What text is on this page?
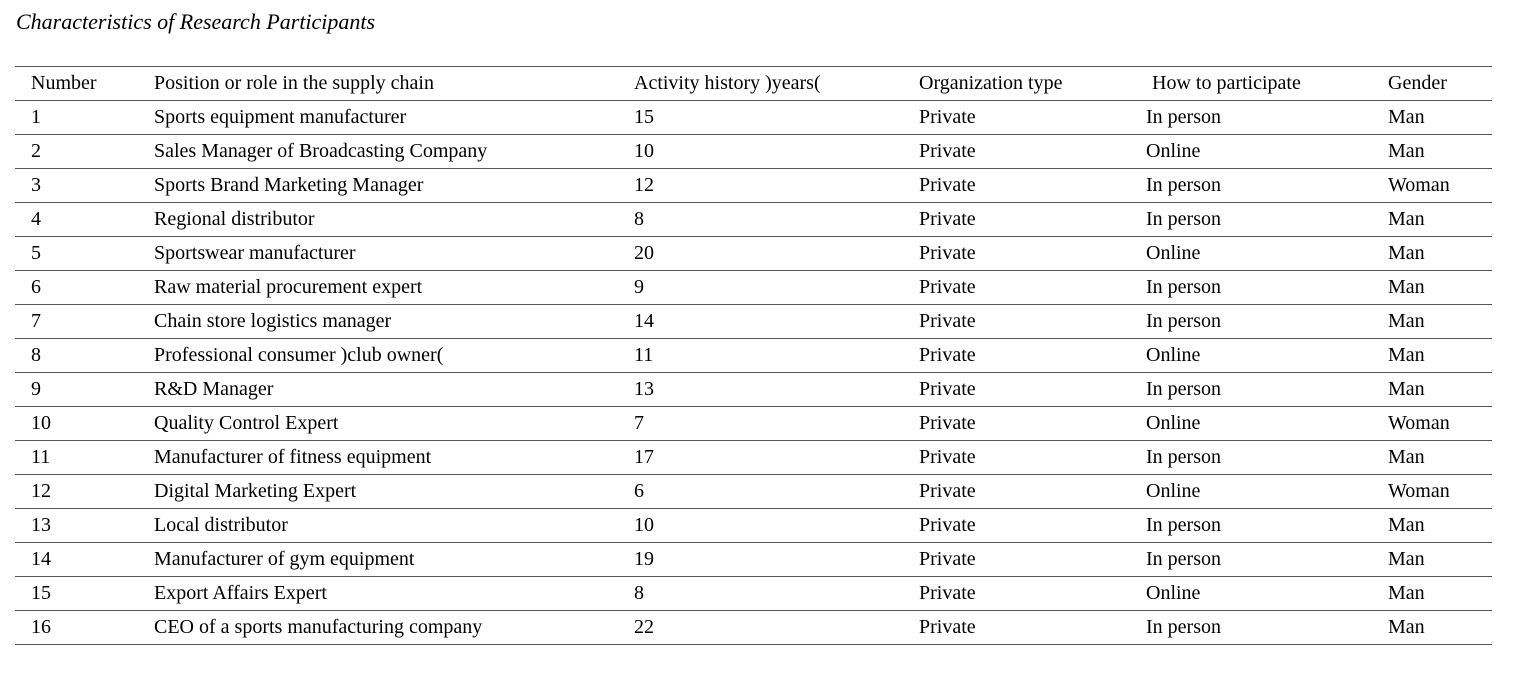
Characteristics of Research Participants
Number	Position or role in the supply chain	Activity history )years(	Organization type	How to participate	Gender
1	Sports equipment manufacturer	15	Private	In person	Man
2	Sales Manager of Broadcasting Company	10	Private	Online	Man
3	Sports Brand Marketing Manager	12	Private	In person	Woman
4	Regional distributor	8	Private	In person	Man
5	Sportswear manufacturer	20	Private	Online	Man
6	Raw material procurement expert	9	Private	In person	Man
7	Chain store logistics manager	14	Private	In person	Man
8	Professional consumer )club owner(	11	Private	Online	Man
9	R&D Manager	13	Private	In person	Man
10	Quality Control Expert	7	Private	Online	Woman
11	Manufacturer of fitness equipment	17	Private	In person	Man
12	Digital Marketing Expert	6	Private	Online	Woman
13	Local distributor	10	Private	In person	Man
14	Manufacturer of gym equipment	19	Private	In person	Man
15	Export Affairs Expert	8	Private	Online	Man
16	CEO of a sports manufacturing company	22	Private	In person	Man
